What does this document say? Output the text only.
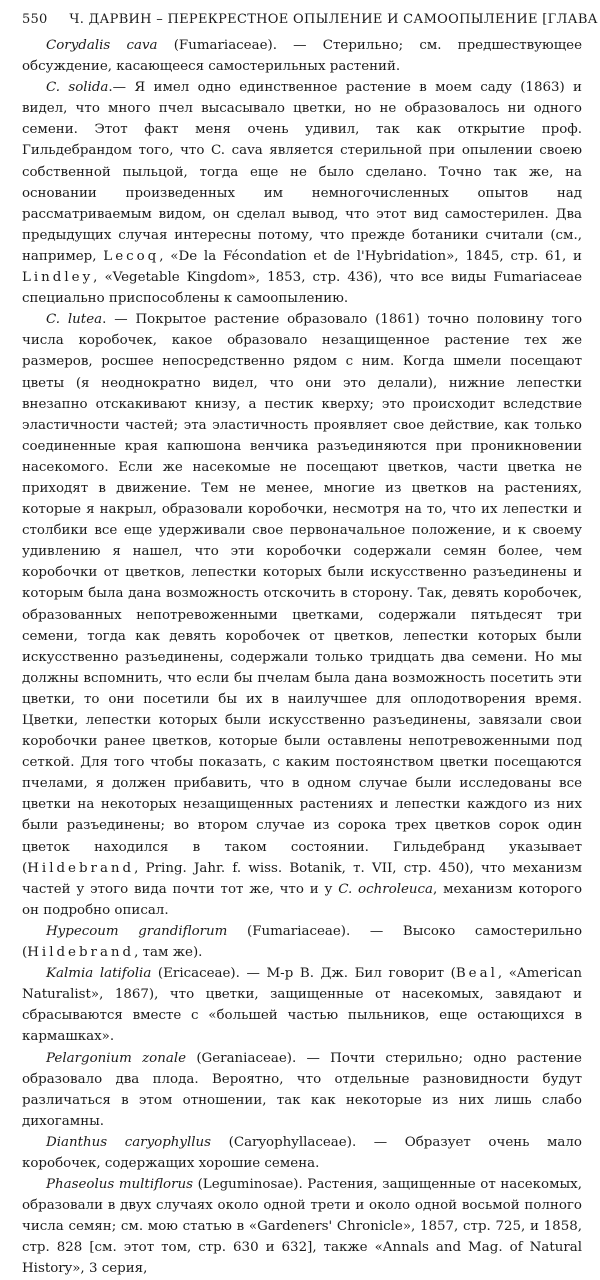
550 Ч. ДАРВИН – ПЕРЕКРЕСТНОЕ ОПЫЛЕНИЕ И САМООПЫЛЕНИЕ [ГЛАВА

Corydalis cava (Fumariaceae). — Стерильно; см. предшествующее обсуждение, касающееся самостерильных растений.

C. solida.— Я имел одно единственное растение в моем саду (1863) и видел, что много пчел высасывало цветки, но не образовалось ни одного семени. Этот факт меня очень удивил, так как открытие проф. Гильдебрандом того, что C. cava является стерильной при опылении своею собственной пыльцой, тогда еще не было сделано. Точно так же, на основании произведенных им немногочисленных опытов над рассматриваемым видом, он сделал вывод, что этот вид самостерилен. Два предыдущих случая интересны потому, что прежде ботаники считали (см., например, Lecoq, «De la Fécondation et de l'Hybridation», 1845, стр. 61, и Lindley, «Vegetable Kingdom», 1853, стр. 436), что все виды Fumariaceae специально приспособлены к самоопылению.

C. lutea. — Покрытое растение образовало (1861) точно половину того числа коробочек, какое образовало незащищенное растение тех же размеров, росшее непосредственно рядом с ним. Когда шмели посещают цветы (я неоднократно видел, что они это делали), нижние лепестки внезапно отскакивают книзу, а пестик кверху; это происходит вследствие эластичности частей; эта эластичность проявляет свое действие, как только соединенные края капюшона венчика разъединяются при проникновении насекомого. Если же насекомые не посещают цветков, части цветка не приходят в движение. Тем не менее, многие из цветков на растениях, которые я накрыл, образовали коробочки, несмотря на то, что их лепестки и столбики все еще удерживали свое первоначальное положение, и к своему удивлению я нашел, что эти коробочки содержали семян более, чем коробочки от цветков, лепестки которых были искусственно разъединены и которым была дана возможность отскочить в сторону. Так, девять коробочек, образованных непотревоженными цветками, содержали пятьдесят три семени, тогда как девять коробочек от цветков, лепестки которых были искусственно разъединены, содержали только тридцать два семени. Но мы должны вспомнить, что если бы пчелам была дана возможность посетить эти цветки, то они посетили бы их в наилучшее для оплодотворения время. Цветки, лепестки которых были искусственно разъединены, завязали свои коробочки ранее цветков, которые были оставлены непотревоженными под сеткой. Для того чтобы показать, с каким постоянством цветки посещаются пчелами, я должен прибавить, что в одном случае были исследованы все цветки на некоторых незащищенных растениях и лепестки каждого из них были разъединены; во втором случае из сорока трех цветков сорок один цветок находился в таком состоянии. Гильдебранд указывает (Hildebrand, Pring. Jahr. f. wiss. Botanik, т. VII, стр. 450), что механизм частей у этого вида почти тот же, что и у C. ochroleuca, механизм которого он подробно описал.

Hypecoum grandiflorum (Fumariaceae). — Высоко самостерильно (Hildebrand, там же).

Kalmia latifolia (Ericaceae). — М-р В. Дж. Бил говорит (Beal, «American Naturalist», 1867), что цветки, защищенные от насекомых, завядают и сбрасываются вместе с «большей частью пыльников, еще остающихся в кармашках».

Pelargonium zonale (Geraniaceae). — Почти стерильно; одно растение образовало два плода. Вероятно, что отдельные разновидности будут различаться в этом отношении, так как некоторые из них лишь слабо дихогамны.

Dianthus caryophyllus (Caryophyllaceae). — Образует очень мало коробочек, содержащих хорошие семена.

Phaseolus multiflorus (Leguminosae). Растения, защищенные от насекомых, образовали в двух случаях около одной трети и около одной восьмой полного числа семян; см. мою статью в «Gardeners' Chronicle», 1857, стр. 725, и 1858, стр. 828 [см. этот том, стр. 630 и 632], также «Annals and Mag. of Natural History», 3 серия,
